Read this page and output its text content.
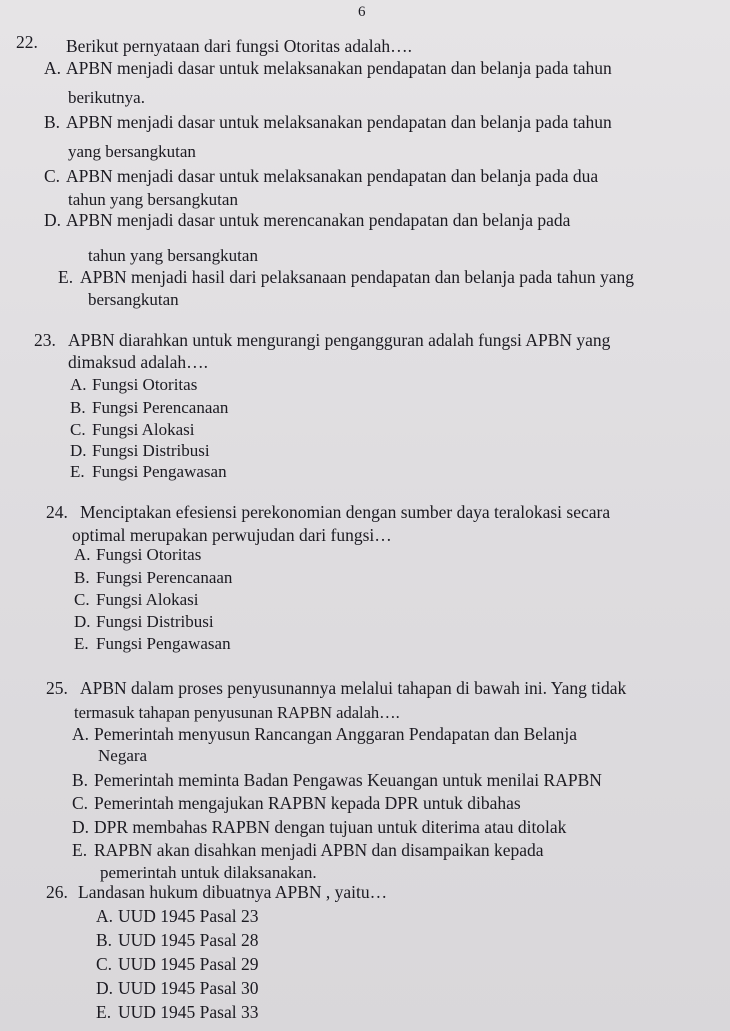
6
22. Berikut pernyataan dari fungsi Otoritas adalah….
A. APBN menjadi dasar untuk melaksanakan pendapatan dan belanja pada tahun
berikutnya.
B. APBN menjadi dasar untuk melaksanakan pendapatan dan belanja pada tahun
yang bersangkutan
C. APBN menjadi dasar untuk melaksanakan pendapatan dan belanja pada dua
tahun yang bersangkutan
D. APBN menjadi dasar untuk merencanakan pendapatan dan belanja pada
tahun yang bersangkutan
E. APBN menjadi hasil dari pelaksanaan pendapatan dan belanja pada tahun yang
bersangkutan
23. APBN diarahkan untuk mengurangi pengangguran adalah fungsi APBN yang
dimaksud adalah….
A. Fungsi Otoritas
B. Fungsi Perencanaan
C. Fungsi Alokasi
D. Fungsi Distribusi
E. Fungsi Pengawasan
24. Menciptakan efesiensi perekonomian dengan sumber daya teralokasi secara
optimal merupakan perwujudan dari fungsi…
A. Fungsi Otoritas
B. Fungsi Perencanaan
C. Fungsi Alokasi
D. Fungsi Distribusi
E. Fungsi Pengawasan
25. APBN dalam proses penyusunannya melalui tahapan di bawah ini. Yang tidak
termasuk tahapan penyusunan RAPBN adalah….
A. Pemerintah menyusun Rancangan Anggaran Pendapatan dan Belanja
Negara
B. Pemerintah meminta Badan Pengawas Keuangan untuk menilai RAPBN
C. Pemerintah mengajukan RAPBN kepada DPR untuk dibahas
D. DPR membahas RAPBN dengan tujuan untuk diterima atau ditolak
E. RAPBN akan disahkan menjadi APBN dan disampaikan kepada
pemerintah untuk dilaksanakan.
26. Landasan hukum dibuatnya APBN , yaitu…
A. UUD 1945 Pasal 23
B. UUD 1945 Pasal 28
C. UUD 1945 Pasal 29
D. UUD 1945 Pasal 30
E. UUD 1945 Pasal 33
